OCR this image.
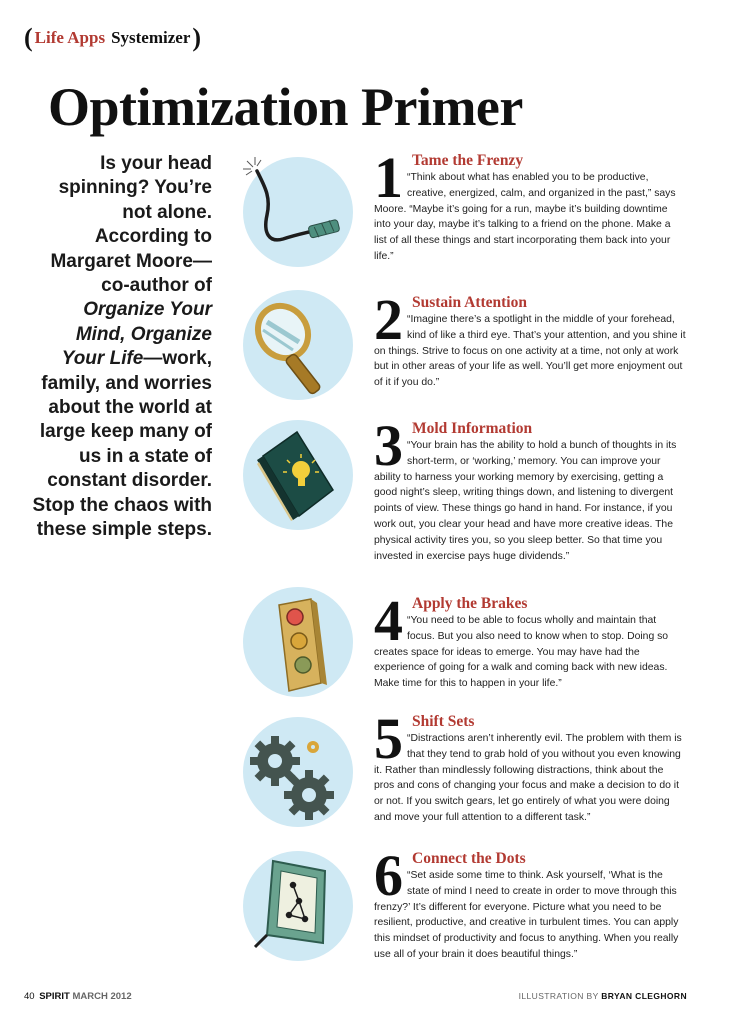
( Life Apps Systemizer )
Optimization Primer
Is your head spinning? You’re not alone. According to Margaret Moore—co-author of Organize Your Mind, Organize Your Life—work, family, and worries about the world at large keep many of us in a state of constant disorder. Stop the chaos with these simple steps.
1 Tame the Frenzy

“Think about what has enabled you to be productive, creative, energized, calm, and organized in the past,” says Moore. “Maybe it’s going for a run, maybe it’s building downtime into your day, maybe it’s talking to a friend on the phone. Make a list of all these things and start incorporating them back into your life.”

2 Sustain Attention

“Imagine there’s a spotlight in the middle of your forehead, kind of like a third eye. That’s your attention, and you shine it on things. Strive to focus on one activity at a time, not only at work but in other areas of your life as well. You’ll get more enjoyment out of it if you do.”

3 Mold Information

“Your brain has the ability to hold a bunch of thoughts in its short-term, or ‘working,’ memory. You can improve your ability to harness your working memory by exercising, getting a good night’s sleep, writing things down, and listening to divergent points of view. These things go hand in hand. For instance, if you work out, you clear your head and have more creative ideas. The physical activity tires you, so you sleep better. So that time you invested in exercise pays huge dividends.”

4 Apply the Brakes

“You need to be able to focus wholly and maintain that focus. But you also need to know when to stop. Doing so creates space for ideas to emerge. You may have had the experience of going for a walk and coming back with new ideas. Make time for this to happen in your life.”

5 Shift Sets

“Distractions aren’t inherently evil. The problem with them is that they tend to grab hold of you without you even knowing it. Rather than mindlessly following distractions, think about the pros and cons of changing your focus and make a decision to do it or not. If you switch gears, let go entirely of what you were doing and move your full attention to a different task.”

6 Connect the Dots

“Set aside some time to think. Ask yourself, ‘What is the state of mind I need to create in order to move through this frenzy?’ It’s different for everyone. Picture what you need to be resilient, productive, and creative in turbulent times. You can apply this mindset of productivity and focus to anything. When you really use all of your brain it does beautiful things.”

40 SPIRIT MARCH 2012	ILLUSTRATION BY BRYAN CLEGHORN
